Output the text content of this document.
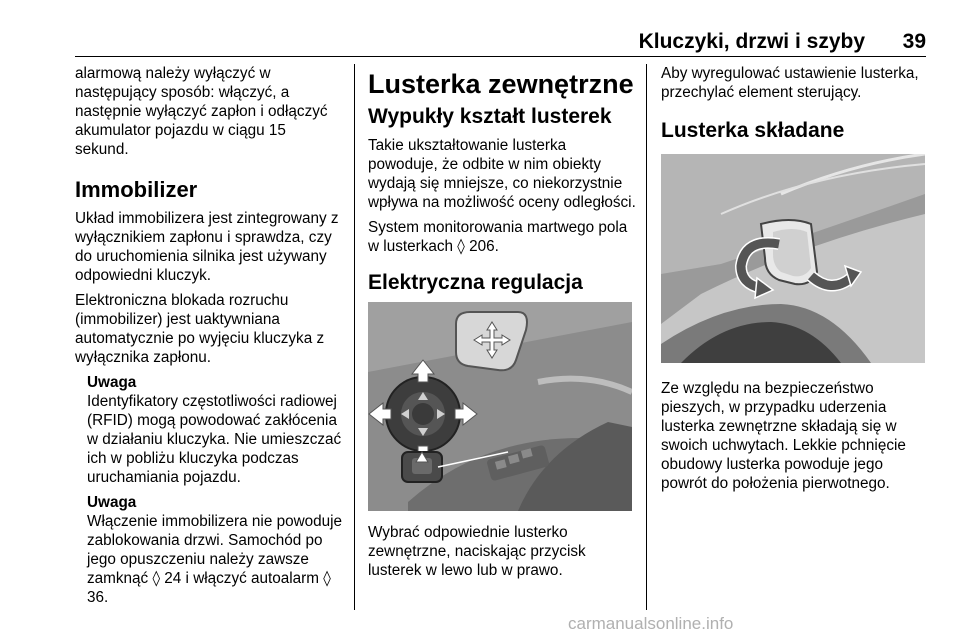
Kluczyki, drzwi i szyby	39

alarmową należy wyłączyć w następujący sposób: włączyć, a następnie wyłączyć zapłon i odłączyć akumulator pojazdu w ciągu 15 sekund.

Immobilizer

Układ immobilizera jest zintegrowany z wyłącznikiem zapłonu i sprawdza, czy do uruchomienia silnika jest używany odpowiedni kluczyk.

Elektroniczna blokada rozruchu (immobilizer) jest uaktywniana automatycznie po wyjęciu kluczyka z wyłącznika zapłonu.

Uwaga

Identyfikatory częstotliwości radiowej (RFID) mogą powodować zakłócenia w działaniu kluczyka. Nie umieszczać ich w pobliżu kluczyka podczas uruchamiania pojazdu.

Uwaga

Włączenie immobilizera nie powoduje zablokowania drzwi. Samochód po jego opuszczeniu należy zawsze zamknąć ◊ 24 i włączyć autoalarm ◊ 36.

Lusterka zewnętrzne
Wypukły kształt lusterek

Takie ukształtowanie lusterka powoduje, że odbite w nim obiekty wydają się mniejsze, co niekorzystnie wpływa na możliwość oceny odległości.

System monitorowania martwego pola w lusterkach ◊ 206.

Elektryczna regulacja

Wybrać odpowiednie lusterko zewnętrzne, naciskając przycisk lusterek w lewo lub w prawo.

Aby wyregulować ustawienie lusterka, przechylać element sterujący.

Lusterka składane

Ze względu na bezpieczeństwo pieszych, w przypadku uderzenia lusterka zewnętrzne składają się w swoich uchwytach. Lekkie pchnięcie obudowy lusterka powoduje jego powrót do położenia pierwotnego.

carmanualsonline.info
